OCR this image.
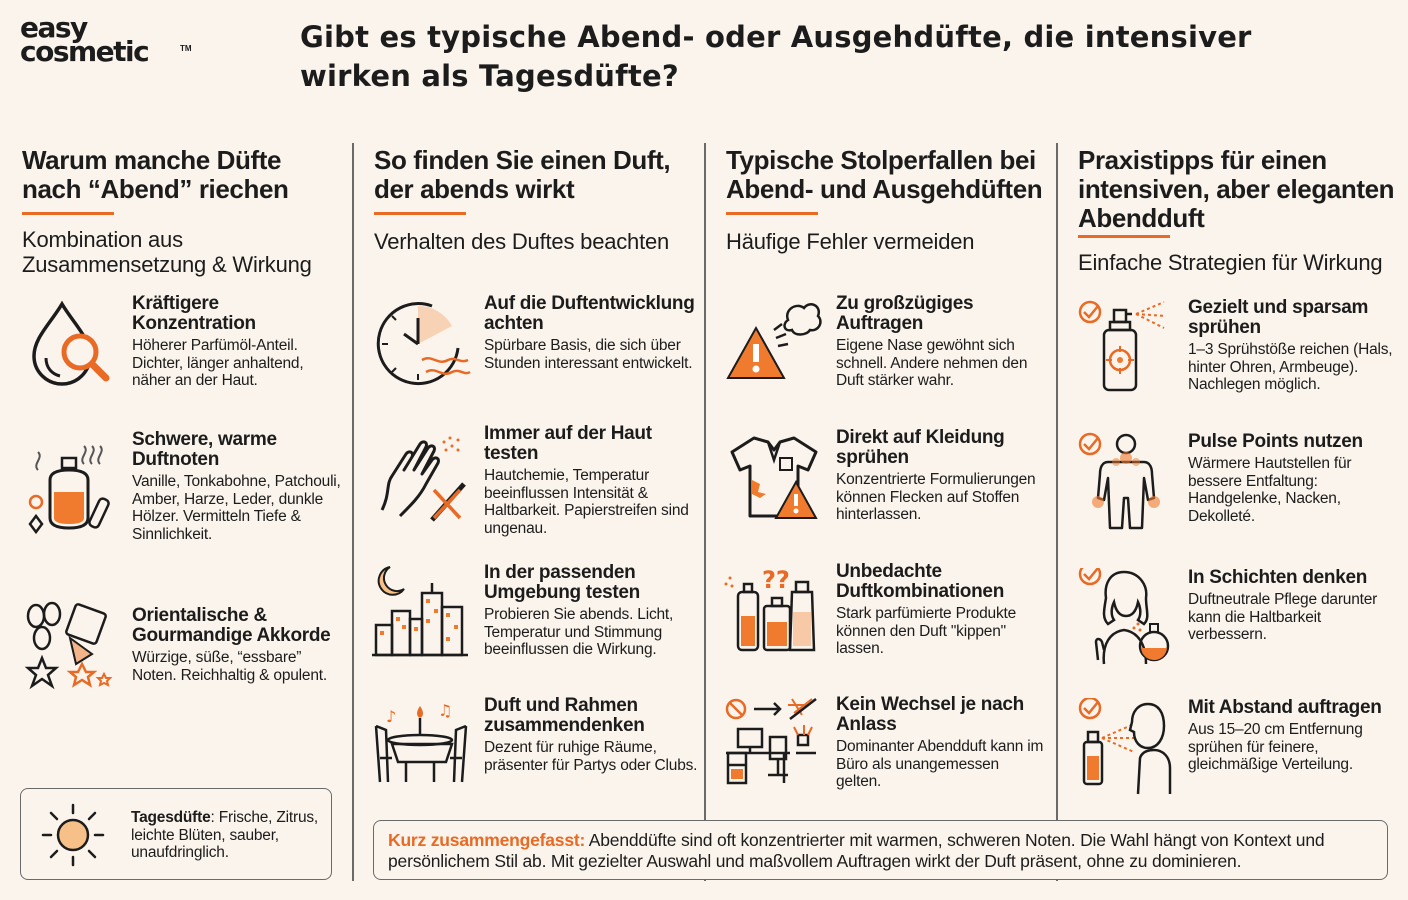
easy
cosmetic	TM	Gibt es typische Abend- oder Ausgehdüfte, die intensiver wirken als Tagesdüfte?
Warum manche Düfte nach “Abend” riechen
Kombination aus Zusammensetzung & Wirkung
So finden Sie einen Duft, der abends wirkt
Verhalten des Duftes beachten
Typische Stolperfallen bei Abend- und Ausgehdüften
Häufige Fehler vermeiden
Praxistipps für einen intensiven, aber eleganten Abendduft
Einfache Strategien für Wirkung
Kräftigere Konzentration

Höherer Parfümöl-Anteil. Dichter, länger anhaltend, näher an der Haut.

Schwere, warme Duftnoten

Vanille, Tonkabohne, Patchouli, Amber, Harze, Leder, dunkle Hölzer. Vermitteln Tiefe & Sinnlichkeit.

Orientalische & Gourmandige Akkorde

Würzige, süße, “essbare” Noten. Reichhaltig & opulent.

Tagesdüfte: Frische, Zitrus, leichte Blüten, sauber, unaufdringlich.
Auf die Duftentwicklung achten

Spürbare Basis, die sich über Stunden interessant entwickelt.

Immer auf der Haut testen

Hautchemie, Temperatur beeinflussen Intensität & Haltbarkeit. Papierstreifen sind ungenau.

In der passenden Umgebung testen

Probieren Sie abends. Licht, Temperatur und Stimmung beeinflussen die Wirkung.

♪	♫ Duft und Rahmen zusammendenken

Dezent für ruhige Räume, präsenter für Partys oder Clubs.

Zu großzügiges Auftragen

Eigene Nase gewöhnt sich schnell. Andere nehmen den Duft stärker wahr.

Direkt auf Kleidung sprühen

Konzentrierte Formulierungen können Flecken auf Stoffen hinterlassen.

?? Unbedachte Duftkombinationen

Stark parfümierte Produkte können den Duft "kippen" lassen.

Kein Wechsel je nach Anlass

Dominanter Abendduft kann im Büro als unangemessen gelten.

Gezielt und sparsam sprühen

1–3 Sprühstöße reichen (Hals, hinter Ohren, Armbeuge). Nachlegen möglich.

Pulse Points nutzen

Wärmere Hautstellen für bessere Entfaltung: Handgelenke, Nacken, Dekolleté.

In Schichten denken

Duftneutrale Pflege darunter kann die Haltbarkeit verbessern.

Mit Abstand auftragen

Aus 15–20 cm Entfernung sprühen für feinere, gleichmäßige Verteilung.

Kurz zusammengefasst: Abenddüfte sind oft konzentrierter mit warmen, schweren Noten. Die Wahl hängt von Kontext und persönlichem Stil ab. Mit gezielter Auswahl und maßvollem Auftragen wirkt der Duft präsent, ohne zu dominieren.
